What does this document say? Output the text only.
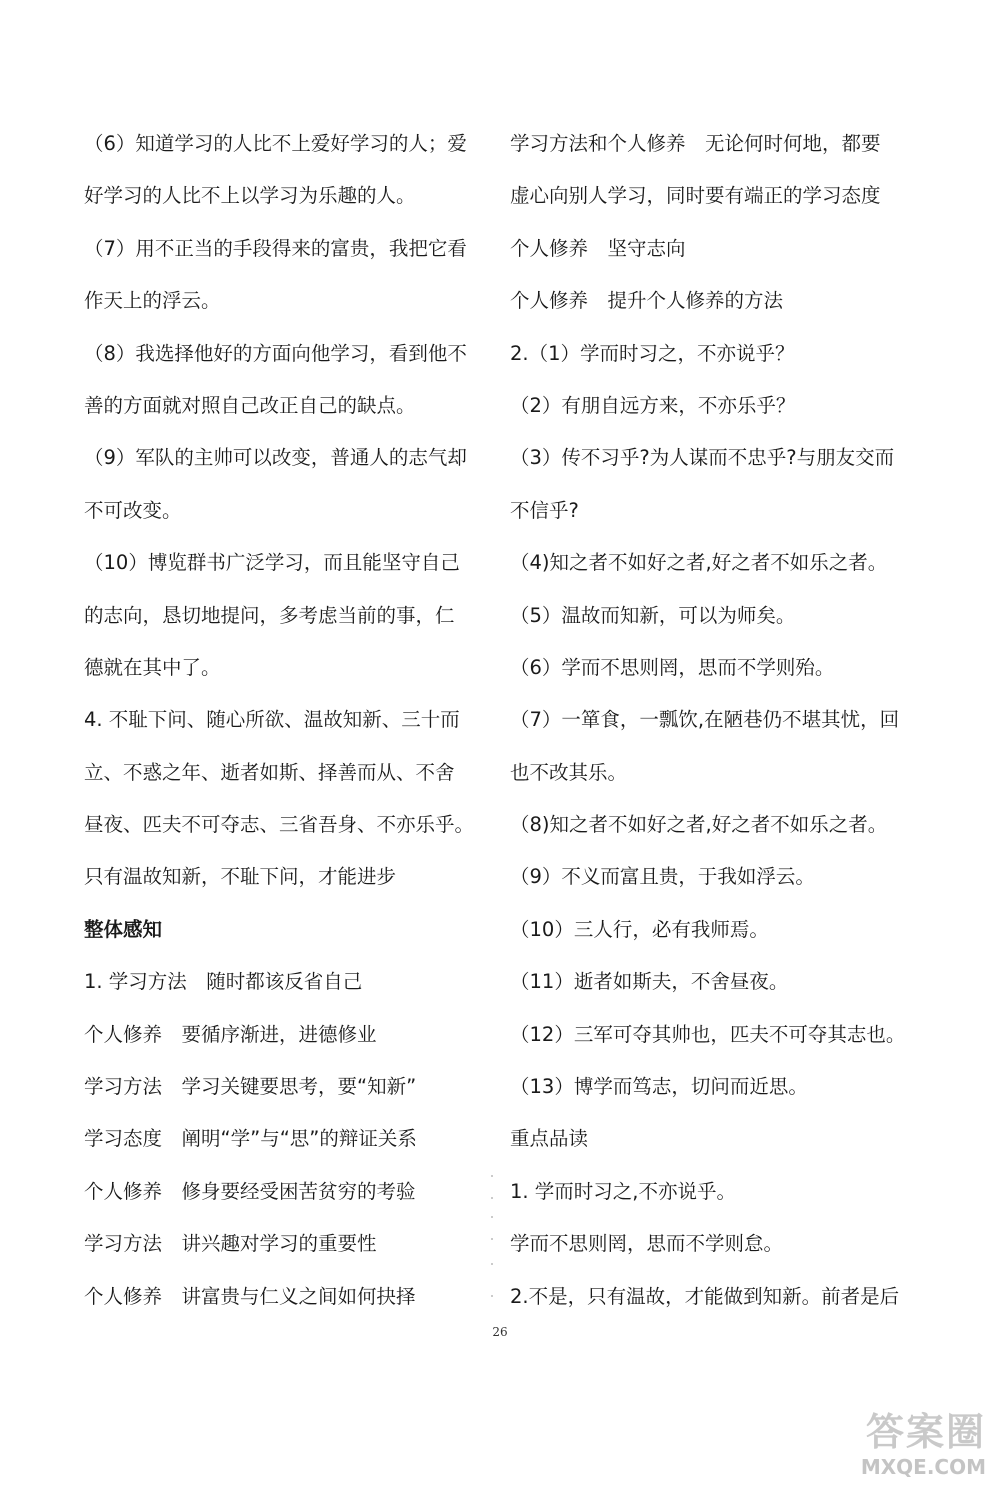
（6）知道学习的人比不上爱好学习的人；爱
好学习的人比不上以学习为乐趣的人。
（7）用不正当的手段得来的富贵，我把它看
作天上的浮云。
（8）我选择他好的方面向他学习，看到他不
善的方面就对照自己改正自己的缺点。
（9）军队的主帅可以改变，普通人的志气却
不可改变。
（10）博览群书广泛学习，而且能坚守自己
的志向，恳切地提问，多考虑当前的事，仁
德就在其中了。
4. 不耻下问、随心所欲、温故知新、三十而
立、不惑之年、逝者如斯、择善而从、不舍
昼夜、匹夫不可夺志、三省吾身、不亦乐乎。
只有温故知新，不耻下问，才能进步
整体感知
1. 学习方法　随时都该反省自己
个人修养　要循序渐进，进德修业
学习方法　学习关键要思考，要“知新”
学习态度　阐明“学”与“思”的辩证关系
个人修养　修身要经受困苦贫穷的考验
学习方法　讲兴趣对学习的重要性
个人修养　讲富贵与仁义之间如何抉择
学习方法和个人修养　无论何时何地，都要
虚心向别人学习，同时要有端正的学习态度
个人修养　坚守志向
个人修养　提升个人修养的方法
2.（1）学而时习之，不亦说乎？
（2）有朋自远方来，不亦乐乎？
（3）传不习乎?为人谋而不忠乎?与朋友交而
不信乎?
（4)知之者不如好之者,好之者不如乐之者。
（5）温故而知新，可以为师矣。
（6）学而不思则罔，思而不学则殆。
（7）一箪食，一瓢饮,在陋巷仍不堪其忧，回
也不改其乐。
（8)知之者不如好之者,好之者不如乐之者。
（9）不义而富且贵，于我如浮云。
（10）三人行，必有我师焉。
（11）逝者如斯夫，不舍昼夜。
（12）三军可夺其帅也，匹夫不可夺其志也。
（13）博学而笃志，切问而近思。
重点品读
1. 学而时习之,不亦说乎。
学而不思则罔，思而不学则怠。
2.不是，只有温故，才能做到知新。前者是后
26
答案圈
MXQE.COM
